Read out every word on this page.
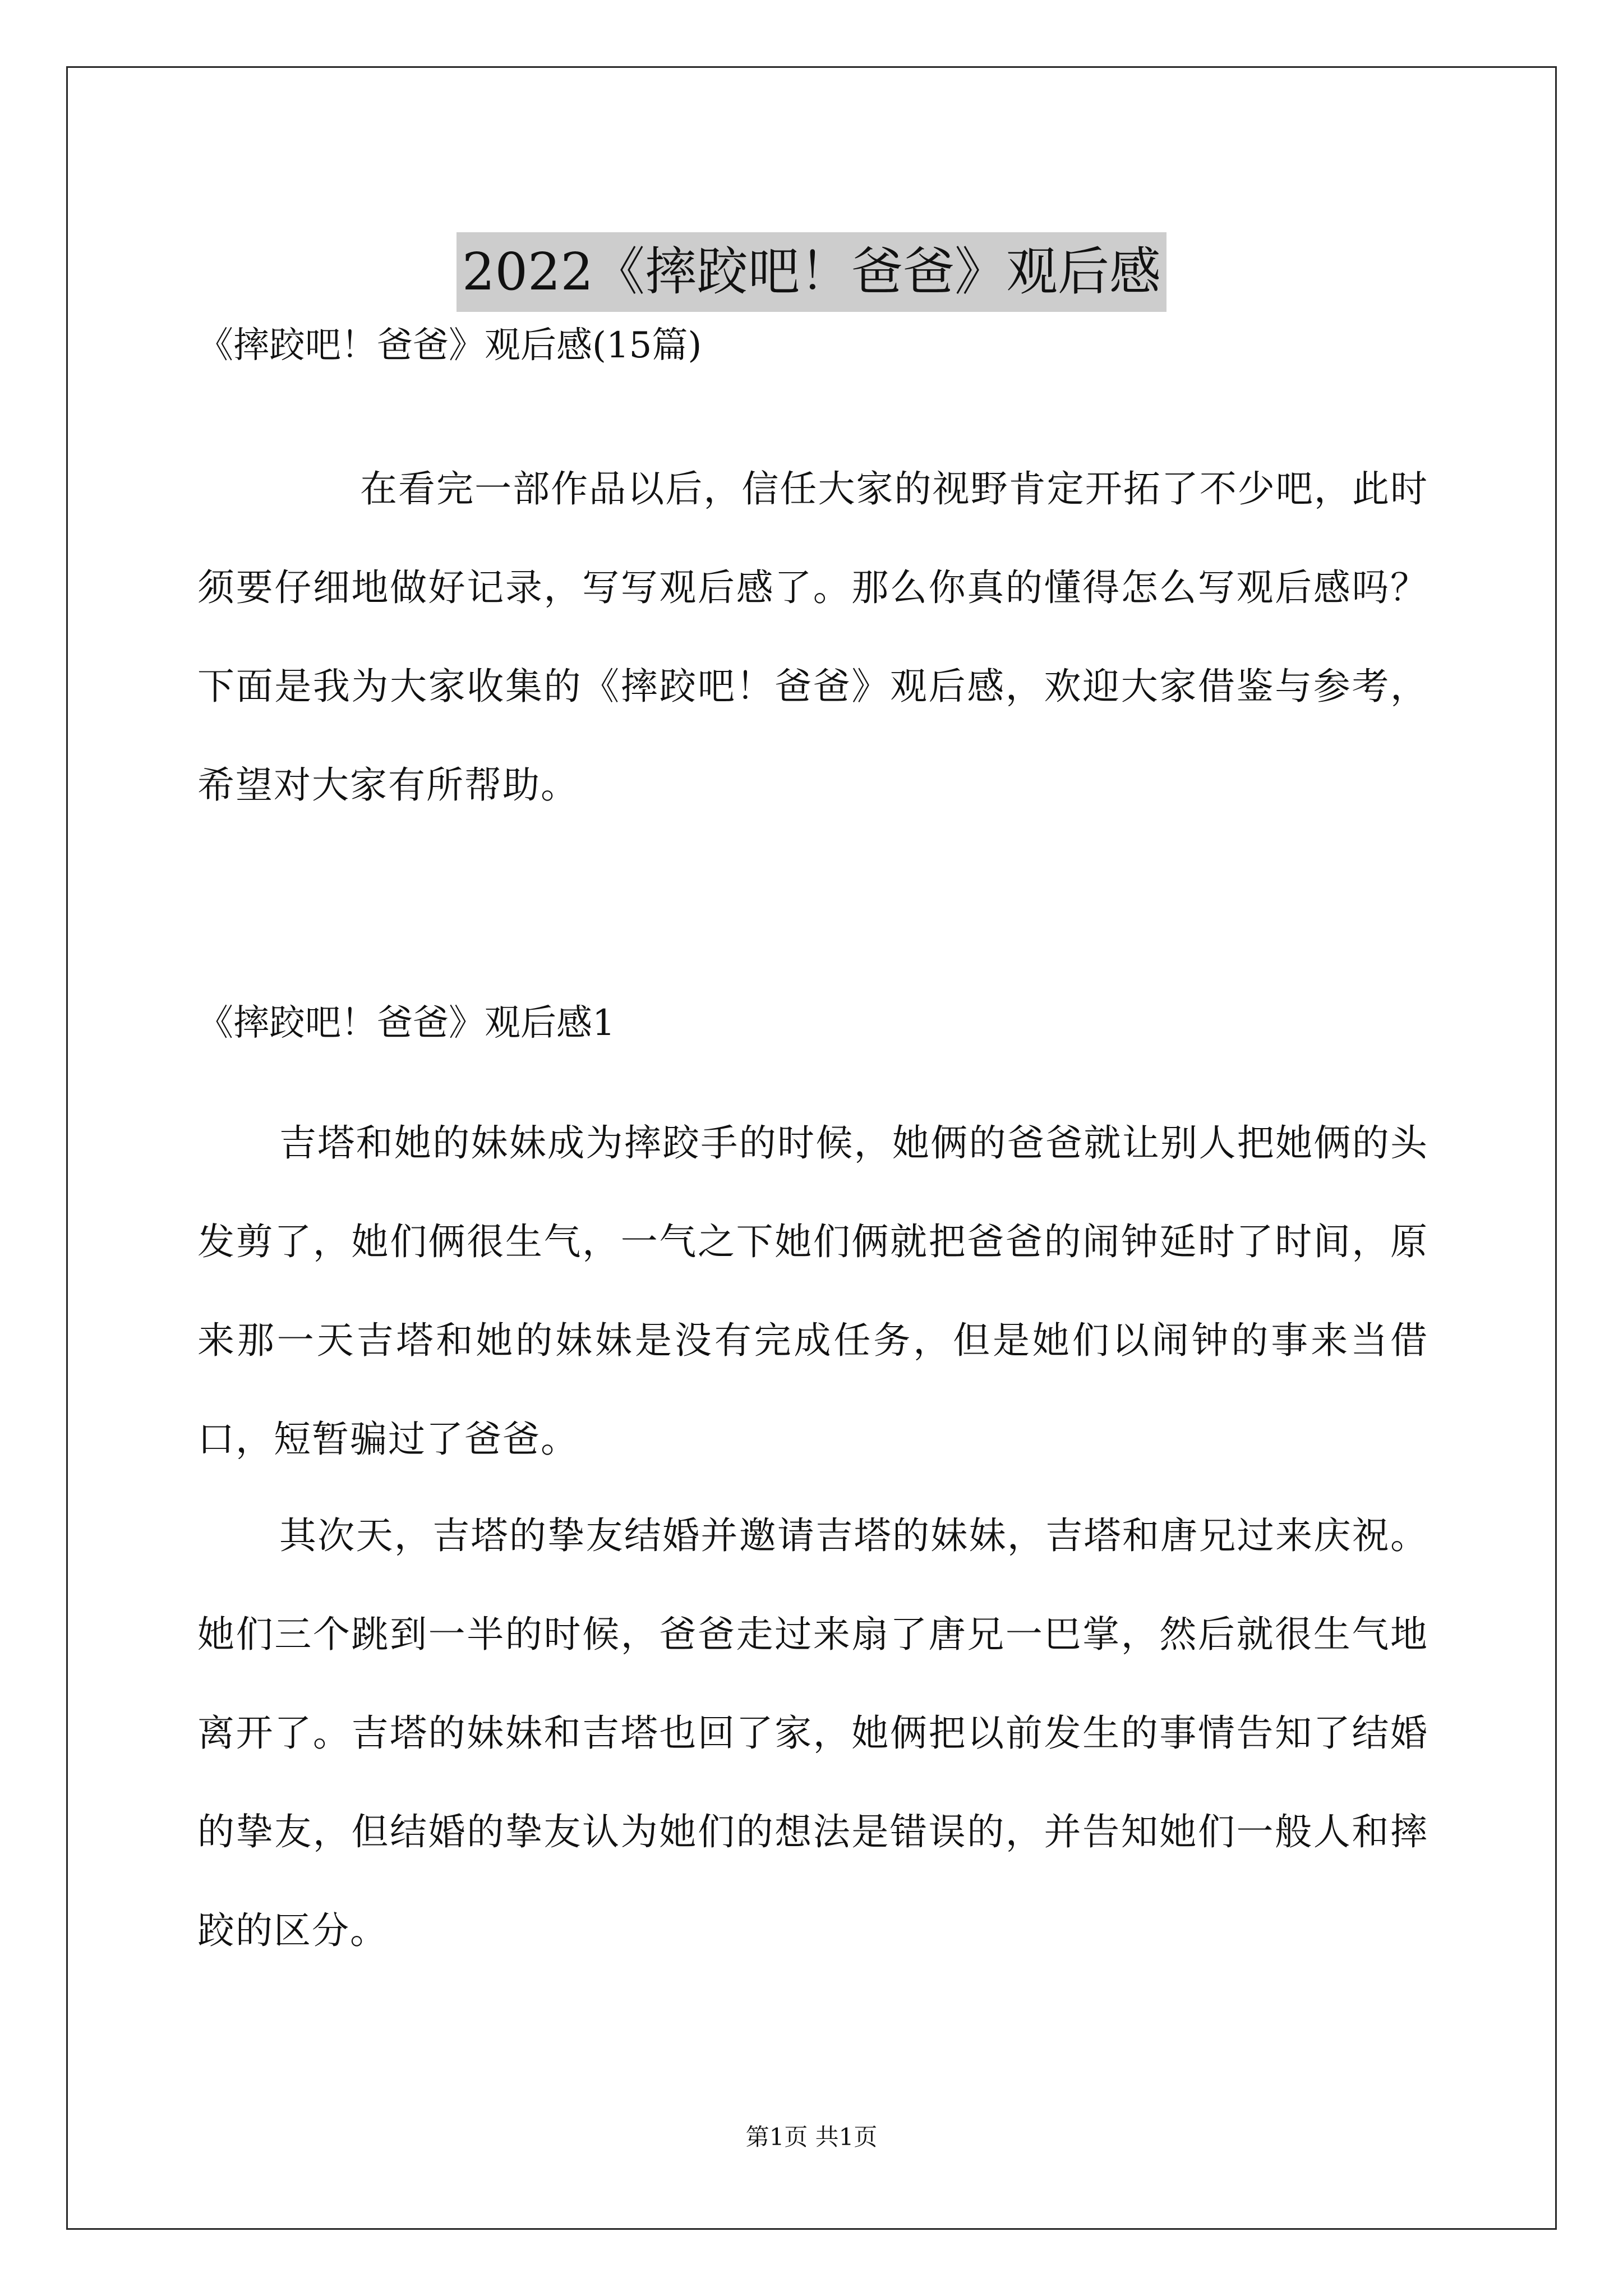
2022《摔跤吧！爸爸》观后感

《摔跤吧！爸爸》观后感(15篇)

在看完一部作品以后，信任大家的视野肯定开拓了不少吧，此时须要仔细地做好记录，写写观后感了。那么你真的懂得怎么写观后感吗？下面是我为大家收集的《摔跤吧！爸爸》观后感，欢迎大家借鉴与参考，希望对大家有所帮助。

《摔跤吧！爸爸》观后感1

吉塔和她的妹妹成为摔跤手的时候，她俩的爸爸就让别人把她俩的头发剪了，她们俩很生气，一气之下她们俩就把爸爸的闹钟延时了时间，原来那一天吉塔和她的妹妹是没有完成任务，但是她们以闹钟的事来当借口，短暂骗过了爸爸。

其次天，吉塔的挚友结婚并邀请吉塔的妹妹，吉塔和唐兄过来庆祝。她们三个跳到一半的时候，爸爸走过来扇了唐兄一巴掌，然后就很生气地离开了。吉塔的妹妹和吉塔也回了家，她俩把以前发生的事情告知了结婚的挚友，但结婚的挚友认为她们的想法是错误的，并告知她们一般人和摔跤的区分。

第1页 共1页
